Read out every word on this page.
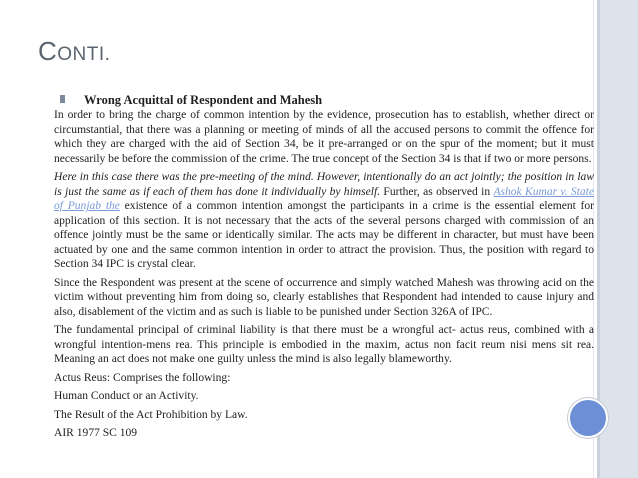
CONTI.
Wrong Acquittal of Respondent and Mahesh

In order to bring the charge of common intention by the evidence, prosecution has to establish, whether direct or circumstantial, that there was a planning or meeting of minds of all the accused persons to commit the offence for which they are charged with the aid of Section 34, be it pre-arranged or on the spur of the moment; but it must necessarily be before the commission of the crime. The true concept of the Section 34 is that if two or more persons.

Here in this case there was the pre-meeting of the mind. However, intentionally do an act jointly; the position in law is just the same as if each of them has done it individually by himself. Further, as observed in Ashok Kumar v. State of Punjab the existence of a common intention amongst the participants in a crime is the essential element for application of this section. It is not necessary that the acts of the several persons charged with commission of an offence jointly must be the same or identically similar. The acts may be different in character, but must have been actuated by one and the same common intention in order to attract the provision. Thus, the position with regard to Section 34 IPC is crystal clear.

Since the Respondent was present at the scene of occurrence and simply watched Mahesh was throwing acid on the victim without preventing him from doing so, clearly establishes that Respondent had intended to cause injury and also, disablement of the victim and as such is liable to be punished under Section 326A of IPC.

The fundamental principal of criminal liability is that there must be a wrongful act- actus reus, combined with a wrongful intention-mens rea. This principle is embodied in the maxim, actus non facit reum nisi mens sit rea. Meaning an act does not make one guilty unless the mind is also legally blameworthy.

Actus Reus: Comprises the following:

Human Conduct or an Activity.

The Result of the Act Prohibition by Law.

AIR 1977 SC 109
